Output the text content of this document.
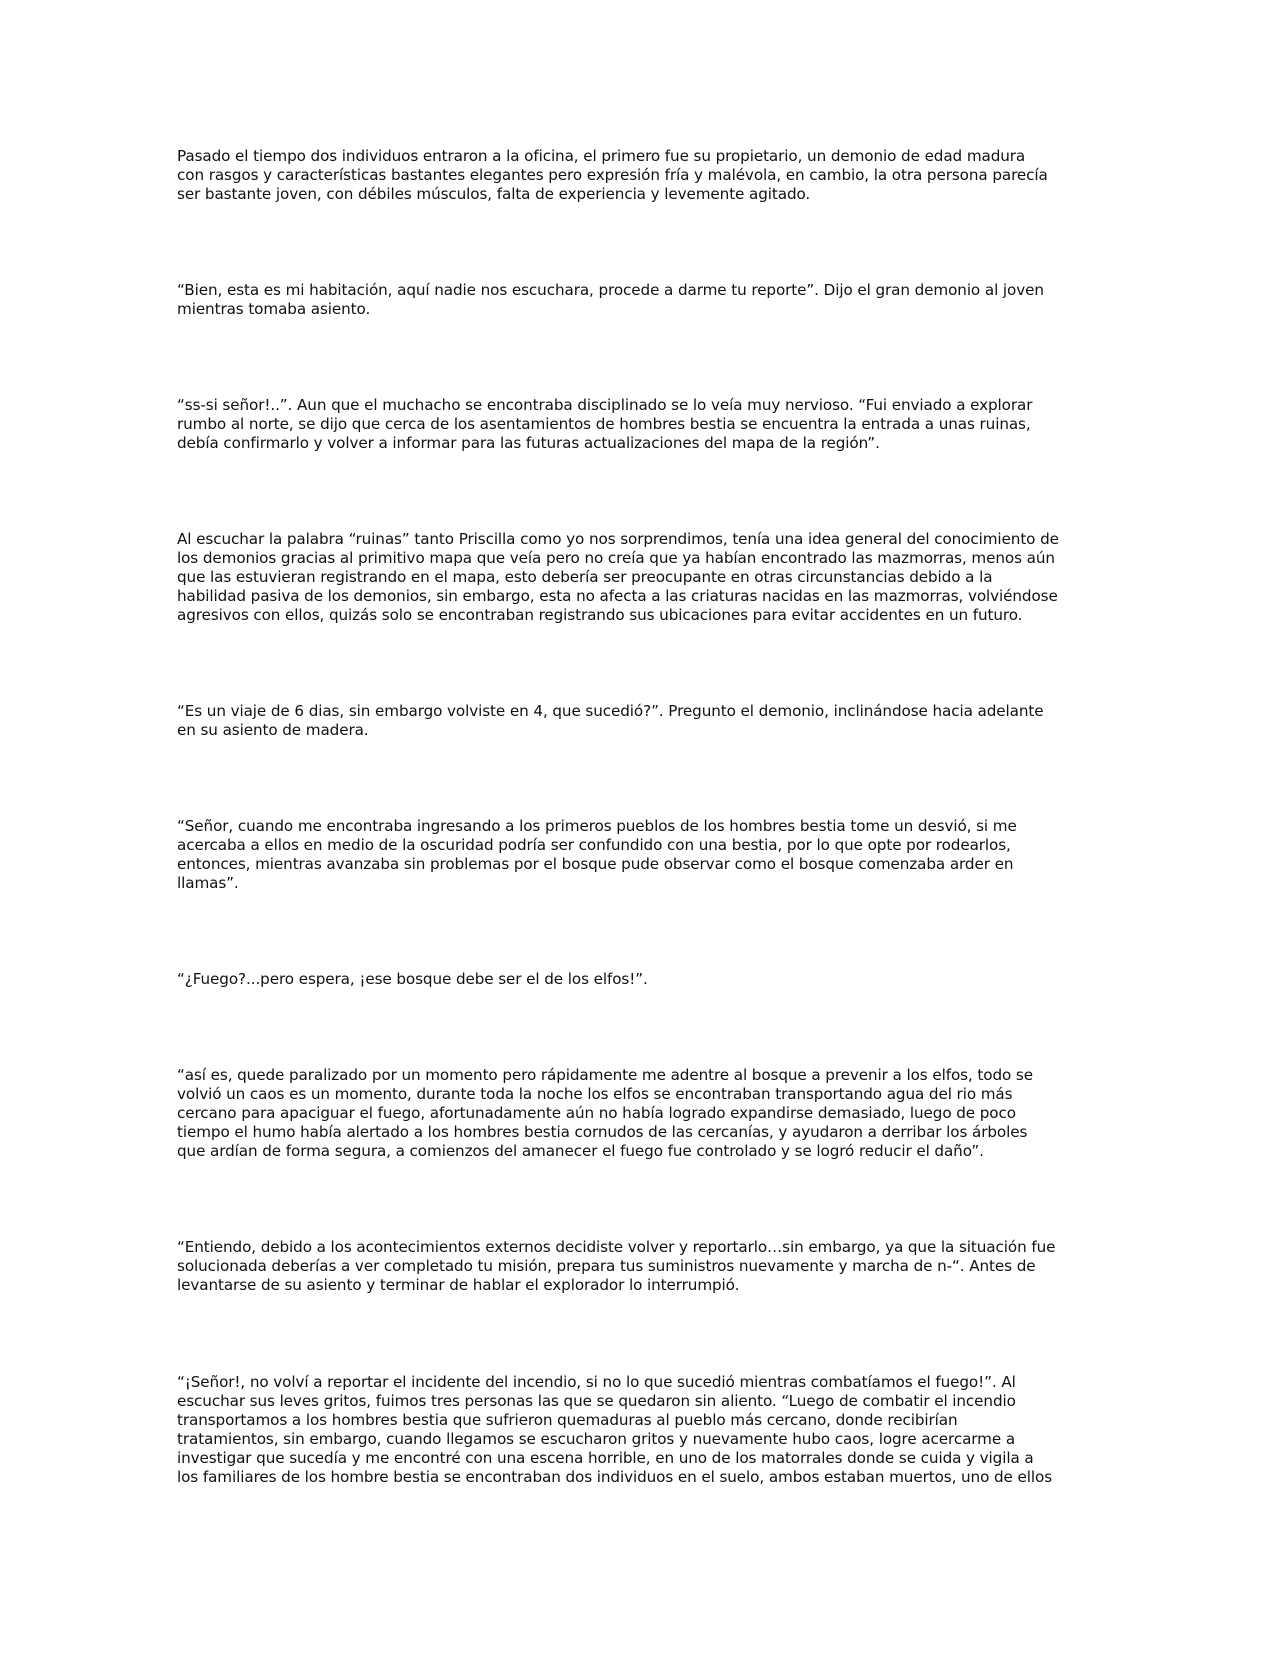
Pasado el tiempo dos individuos entraron a la oficina, el primero fue su propietario, un demonio de edad madura
con rasgos y características bastantes elegantes pero expresión fría y malévola, en cambio, la otra persona parecía
ser bastante joven, con débiles músculos, falta de experiencia y levemente agitado.

“Bien, esta es mi habitación, aquí nadie nos escuchara, procede a darme tu reporte”. Dijo el gran demonio al joven
mientras tomaba asiento.

“ss-si señor!..”. Aun que el muchacho se encontraba disciplinado se lo veía muy nervioso. “Fui enviado a explorar
rumbo al norte, se dijo que cerca de los asentamientos de hombres bestia se encuentra la entrada a unas ruinas,
debía confirmarlo y volver a informar para las futuras actualizaciones del mapa de la región”.

Al escuchar la palabra “ruinas” tanto Priscilla como yo nos sorprendimos, tenía una idea general del conocimiento de
los demonios gracias al primitivo mapa que veía pero no creía que ya habían encontrado las mazmorras, menos aún
que las estuvieran registrando en el mapa, esto debería ser preocupante en otras circunstancias debido a la
habilidad pasiva de los demonios, sin embargo, esta no afecta a las criaturas nacidas en las mazmorras, volviéndose
agresivos con ellos, quizás solo se encontraban registrando sus ubicaciones para evitar accidentes en un futuro.

“Es un viaje de 6 dias, sin embargo volviste en 4, que sucedió?”. Pregunto el demonio, inclinándose hacia adelante
en su asiento de madera.

“Señor, cuando me encontraba ingresando a los primeros pueblos de los hombres bestia tome un desvió, si me
acercaba a ellos en medio de la oscuridad podría ser confundido con una bestia, por lo que opte por rodearlos,
entonces, mientras avanzaba sin problemas por el bosque pude observar como el bosque comenzaba arder en
llamas”.

“¿Fuego?...pero espera, ¡ese bosque debe ser el de los elfos!”.

“así es, quede paralizado por un momento pero rápidamente me adentre al bosque a prevenir a los elfos, todo se
volvió un caos es un momento, durante toda la noche los elfos se encontraban transportando agua del rio más
cercano para apaciguar el fuego, afortunadamente aún no había logrado expandirse demasiado, luego de poco
tiempo el humo había alertado a los hombres bestia cornudos de las cercanías, y ayudaron a derribar los árboles
que ardían de forma segura, a comienzos del amanecer el fuego fue controlado y se logró reducir el daño”.

“Entiendo, debido a los acontecimientos externos decidiste volver y reportarlo…sin embargo, ya que la situación fue
solucionada deberías a ver completado tu misión, prepara tus suministros nuevamente y marcha de n-“. Antes de
levantarse de su asiento y terminar de hablar el explorador lo interrumpió.

“¡Señor!, no volví a reportar el incidente del incendio, si no lo que sucedió mientras combatíamos el fuego!”. Al
escuchar sus leves gritos, fuimos tres personas las que se quedaron sin aliento. “Luego de combatir el incendio
transportamos a los hombres bestia que sufrieron quemaduras al pueblo más cercano, donde recibirían
tratamientos, sin embargo, cuando llegamos se escucharon gritos y nuevamente hubo caos, logre acercarme a
investigar que sucedía y me encontré con una escena horrible, en uno de los matorrales donde se cuida y vigila a
los familiares de los hombre bestia se encontraban dos individuos en el suelo, ambos estaban muertos, uno de ellos
